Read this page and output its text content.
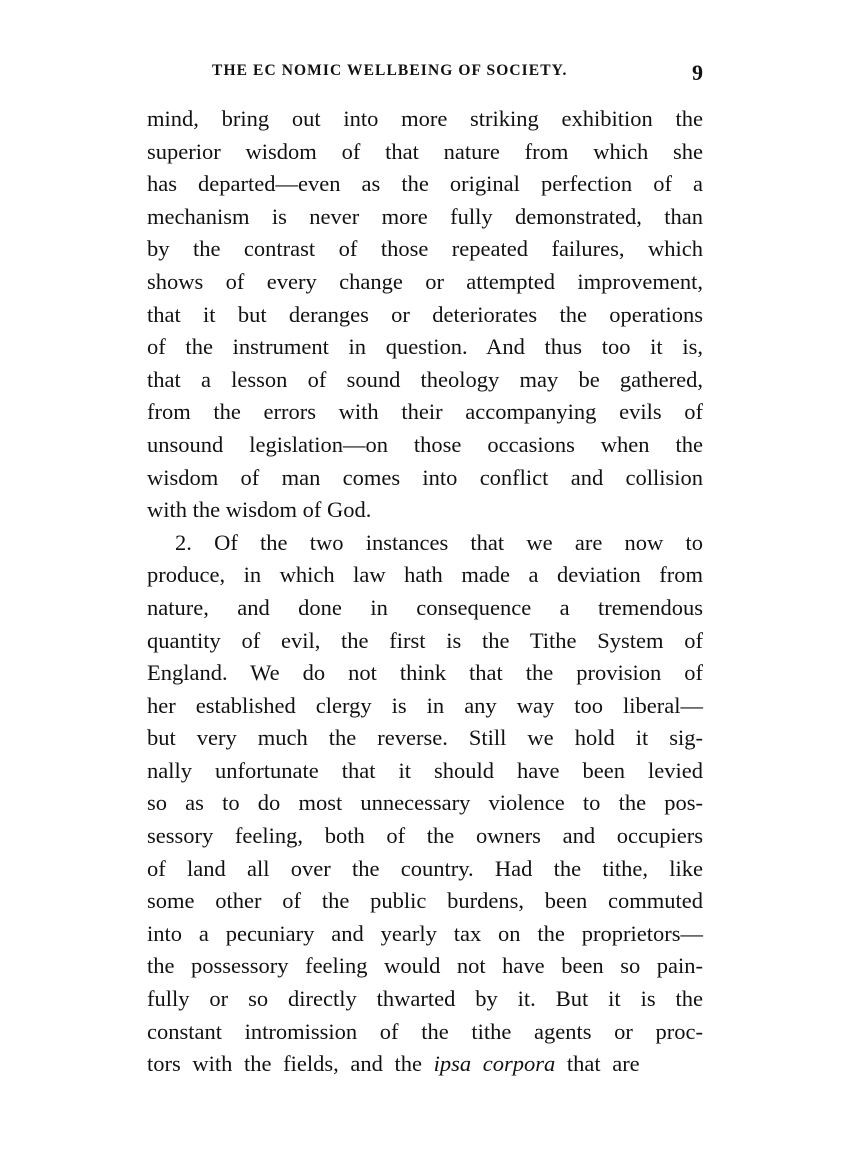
THE EC NOMIC WELLBEING OF SOCIETY.	9
mind, bring out into more striking exhibition the
superior wisdom of that nature from which she
has departed—even as the original perfection of a
mechanism is never more fully demonstrated, than
by the contrast of those repeated failures, which
shows of every change or attempted improvement,
that it but deranges or deteriorates the operations
of the instrument in question. And thus too it is,
that a lesson of sound theology may be gathered,
from the errors with their accompanying evils of
unsound legislation—on those occasions when the
wisdom of man comes into conflict and collision
with the wisdom of God.
2. Of the two instances that we are now to
produce, in which law hath made a deviation from
nature, and done in consequence a tremendous
quantity of evil, the first is the Tithe System of
England. We do not think that the provision of
her established clergy is in any way too liberal—
but very much the reverse. Still we hold it sig-
nally unfortunate that it should have been levied
so as to do most unnecessary violence to the pos-
sessory feeling, both of the owners and occupiers
of land all over the country. Had the tithe, like
some other of the public burdens, been commuted
into a pecuniary and yearly tax on the proprietors—
the possessory feeling would not have been so pain-
fully or so directly thwarted by it. But it is the
constant intromission of the tithe agents or proc-
tors with the fields, and the ipsa corpora that are
